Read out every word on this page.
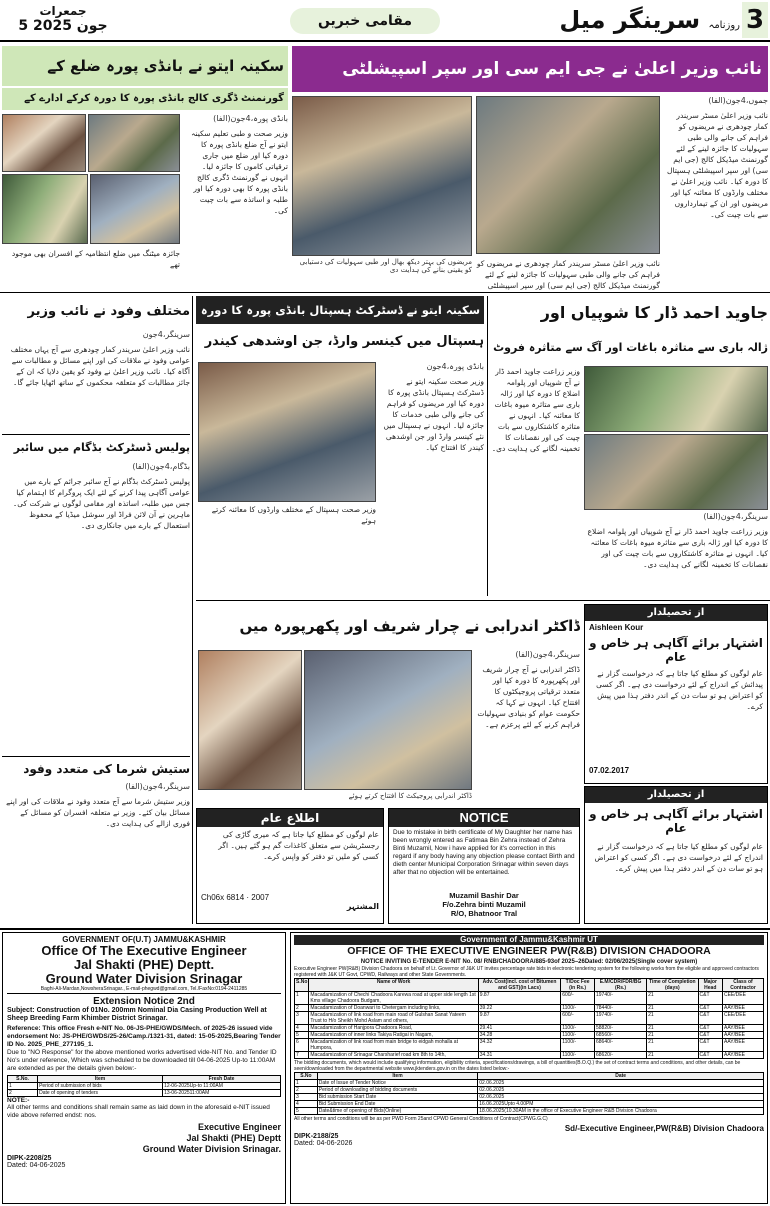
جمعرات
5 جون 2025	مقامی خبریں	روزنامہ سرینگر میل	3
نائب وزیر اعلیٰ نے جی ایم سی اور سپر اسپیشلٹی
جموں،4جون(الفا)
نائب وزیر اعلیٰ مسٹر سریندر کمار چودھری نے مریضوں کو فراہم کی جانے والی طبی سہولیات کا جائزہ لینے کے لئے گورنمنٹ میڈیکل کالج (جی ایم سی) اور سپر اسپیشلٹی ہسپتال کا دورہ کیا۔ نائب وزیر اعلیٰ نے مختلف وارڈوں کا معائنہ کیا اور مریضوں اور ان کے تیمارداروں سے بات چیت کی۔
نائب وزیر اعلیٰ مسٹر سریندر کمار چودھری نے مریضوں کو فراہم کی جانے والی طبی سہولیات کا جائزہ لینے کے لئے گورنمنٹ میڈیکل کالج (جی ایم سی) اور سپر اسپیشلٹی
مریضوں کی بہتر دیکھ بھال اور طبی سہولیات کی دستیابی کو یقینی بنانے کی ہدایت دی
سکینہ ایتو نے بانڈی پورہ ضلع کے
گورنمنٹ ڈگری کالج بانڈی پورہ کا دورہ کرکے ادارے کے
بانڈی پورہ،4جون(الفا)
وزیر صحت و طبی تعلیم سکینہ ایتو نے آج ضلع بانڈی پورہ کا دورہ کیا اور ضلع میں جاری ترقیاتی کاموں کا جائزہ لیا۔ انہوں نے گورنمنٹ ڈگری کالج بانڈی پورہ کا بھی دورہ کیا اور طلبہ و اساتذہ سے بات چیت کی۔
جائزہ میٹنگ میں ضلع انتظامیہ کے افسران بھی موجود تھے
مختلف وفود نے نائب وزیر
سرینگر،4جون
نائب وزیر اعلیٰ سریندر کمار چودھری سے آج یہاں مختلف عوامی وفود نے ملاقات کی اور اپنے مسائل و مطالبات سے آگاہ کیا۔ نائب وزیر اعلیٰ نے وفود کو یقین دلایا کہ ان کے جائز مطالبات کو متعلقہ محکموں کے ساتھ اٹھایا جائے گا۔
پولیس ڈسٹرکٹ بڈگام میں سائبر
بڈگام،4جون(الفا)
پولیس ڈسٹرکٹ بڈگام نے آج سائبر جرائم کے بارے میں عوامی آگاہی پیدا کرنے کے لئے ایک پروگرام کا اہتمام کیا جس میں طلبہ، اساتذہ اور مقامی لوگوں نے شرکت کی۔ ماہرین نے آن لائن فراڈ اور سوشل میڈیا کے محفوظ استعمال کے بارے میں جانکاری دی۔
ستیش شرما کی متعدد وفود
سرینگر،4جون(الفا)
وزیر ستیش شرما سے آج متعدد وفود نے ملاقات کی اور اپنے مسائل بیان کئے۔ وزیر نے متعلقہ افسران کو مسائل کے فوری ازالے کی ہدایت دی۔
سکینہ ایتو نے ڈسٹرکٹ ہسپتال بانڈی پورہ کا دورہ
ہسپتال میں کینسر وارڈ، جن اوشدھی کیندر
بانڈی پورہ،4جون
وزیر صحت سکینہ ایتو نے ڈسٹرکٹ ہسپتال بانڈی پورہ کا دورہ کیا اور مریضوں کو فراہم کی جانے والی طبی خدمات کا جائزہ لیا۔ انہوں نے ہسپتال میں نئے کینسر وارڈ اور جن اوشدھی کیندر کا افتتاح کیا۔
وزیر صحت ہسپتال کے مختلف وارڈوں کا معائنہ کرتے ہوئے
جاوید احمد ڈار کا شوپیاں اور
ژالہ باری سے متاثرہ باغات اور آگ سے متاثرہ فروٹ
سرینگر،4جون(الفا)
وزیر زراعت جاوید احمد ڈار نے آج شوپیاں اور پلوامہ اضلاع کا دورہ کیا اور ژالہ باری سے متاثرہ میوہ باغات کا معائنہ کیا۔ انہوں نے متاثرہ کاشتکاروں سے بات چیت کی اور نقصانات کا تخمینہ لگانے کی ہدایت دی۔
وزیر زراعت جاوید احمد ڈار نے آج شوپیاں اور پلوامہ اضلاع کا دورہ کیا اور ژالہ باری سے متاثرہ میوہ باغات کا معائنہ کیا۔ انہوں نے متاثرہ کاشتکاروں سے بات چیت کی اور نقصانات کا تخمینہ لگانے کی ہدایت دی۔
ڈاکٹر اندرابی نے چرار شریف اور پکھرپورہ میں
سرینگر،4جون(الفا)
ڈاکٹر اندرابی نے آج چرار شریف اور پکھرپورہ کا دورہ کیا اور متعدد ترقیاتی پروجیکٹوں کا افتتاح کیا۔ انہوں نے کہا کہ حکومت عوام کو بنیادی سہولیات فراہم کرنے کے لئے پرعزم ہے۔
ڈاکٹر اندرابی پروجیکٹ کا افتتاح کرتے ہوئے
از تحصیلدار
Aishleen Kour
اشتہار برائے آگاہی ہر خاص و عام
عام لوگوں کو مطلع کیا جاتا ہے کہ درخواست گزار نے پیدائش کے اندراج کے لئے درخواست دی ہے۔ اگر کسی کو اعتراض ہو تو سات دن کے اندر دفتر ہذا میں پیش کرے۔
07.02.2017
از تحصیلدار
اشتہار برائے آگاہی ہر خاص و عام
عام لوگوں کو مطلع کیا جاتا ہے کہ درخواست گزار نے اندراج کے لئے درخواست دی ہے۔ اگر کسی کو اعتراض ہو تو سات دن کے اندر دفتر ہذا میں پیش کرے۔
اطلاع عام
عام لوگوں کو مطلع کیا جاتا ہے کہ میری گاڑی کی رجسٹریشن سے متعلق کاغذات گم ہو گئے ہیں۔ اگر کسی کو ملیں تو دفتر کو واپس کرے۔
Ch06x 6814 · 2007
المشتہر
NOTICE
Due to mistake in birth certificate of My Daughter her name has been wrongly entered as Fatimaa Bin Zehra instead of Zehra Binti Muzamil, Now i have applied for it's correction in this regard if any body having any objection please contact Birth and dieth center Municipal Corporation Srinagar within seven days after that no objection will be entertained.
Muzamil Bashir Dar
F/o.Zehra binti Muzamil
R/O, Bhatnoor Tral
GOVERNMENT OF(U.T) JAMMU&KASHMIR
Office Of The Executive Engineer
Jal Shakti (PHE) Deptt.
Ground Water Division Srinagar
Baghi-Ali-Mardan,NowsheraSrinagar., E-mail-phegwd@gmail.com, Tel./FaxNo:0194-2411285
Extension Notice 2nd
Subject: Construction of 01No. 200mm Nominal Dia Casing Production Well at Sheep Breeding Farm Khimber District Srinagar.
Reference: This office Fresh e-NIT No. 06-JS-PHE/GWDS/Mech. of 2025-26 issued vide endorsement No: JS-PHE/GWDS/25-26/Camp./1321-31, dated: 15-05-2025,Bearing Tender ID No. 2025_PHE_277195_1.
Due to "NO Response" for the above mentioned works advertised vide-NIT No. and Tender ID No's under reference, Which was scheduled to be downloaded till 04-06-2025 Up-to 11:00AM are extended as per the details given below:-
S.No.	Item	Fresh Date
1	Period of submission of bids	12-06-2025Up-to 11:00AM
2	Date of opening of tenders	13-06-202511:00AM
NOTE:-
All other terms and conditions shall remain same as laid down in the aforesaid e-NIT issued vide above referred endst: nos.
Executive Engineer
Jal Shakti (PHE) Deptt
Ground Water Division Srinagar.
DIPK-2208/25
Dated: 04-06-2025
Government of Jammu&Kashmir UT
OFFICE OF THE EXECUTIVE ENGINEER PW(R&B) DIVISION CHADOORA
NOTICE INVITING E-TENDER E-NIT No. 08/ RNB/CHADOORA/885-93of 2025–26Dated: 02/06/2025(Single cover system)
Executive Engineer PW(R&B) Division Chadoora on behalf of Lt. Governor of J&K UT invites percentage rate bids in electronic tendering system for the following works from the eligible and approved contractors registered with J&K UT Govt, CPWD, Railways and other State Governments.
S.No	Name of Work	Adv. Cost(incl. cost of Bitumen and GST)(in Lacs)	T/Doc Fee (in Rs.)	E.M/CDR/FDR/BG (Rs.)	Time of Completion (days)	Major Head	Class of Contractor
1	Macadamization of Chechi Chadoora Karewa road at upper side length 1st Kms village Chadoora Budgam,	9.87	600/-	19740/-	21	C&T	CEE/DEE
2	Macadamization of Doanwari to Chetergam including links,	39.22	1100/-	78440/-	21	C&T	AAY/BEE
3	Macadamization of link road from main road of Gulshan Sanat Yateem Trust to H/o Sheikh Mohd Aslam and others,	9.87	600/-	19740/-	21	C&T	CEE/DEE
4	Macadamization of Hanjpora Chadoora Road,	29.41	1100/-	58820/-	21	C&T	AAY/BEE
5	Macadamization of inner links Takiya Ratigai in Nagam,	34.28	1100/-	68560/-	21	C&T	AAY/BEE
6	Macadamization of link road from main bridge to eidgah mohalla at Humpora,	34.32	1100/-	68640/-	21	C&T	AAY/BEE
7	Macadamization of Srinagar Charsharief road km 8th to 14th,	34.31	1100/-	68620/-	21	C&T	AAY/BEE
The bidding documents, which would include qualifying information, eligibility criteria, specifications/drawings, a bill of quantities(B.O.Q.) the set of contract terms and conditions, and other details, can be seen/downloaded from the departmental website www.jktenders.gov.in on the dates listed below:-
S.No	Item	Date
1	Date of Issue of Tender Notice	02.06.2025
2	Period of downloading of bidding documents	02.06.2025
3	Bid submission Start Date	02.06.2025
4	Bid Submission End Date	16.06.2025Upto 4.00PM
5	Date&time of opening of Bids(Online)	18.06.2025(10.30AM in the office of Executive Engineer R&B Division Chadoora
All other terms and conditions will be as per PWD Form 25and CPWD General Conditions of Contract(CPWG.G.C)
Sd/-Executive Engineer,PW(R&B) Division Chadoora
DIPK-2188/25
Dated: 04-06-2026
